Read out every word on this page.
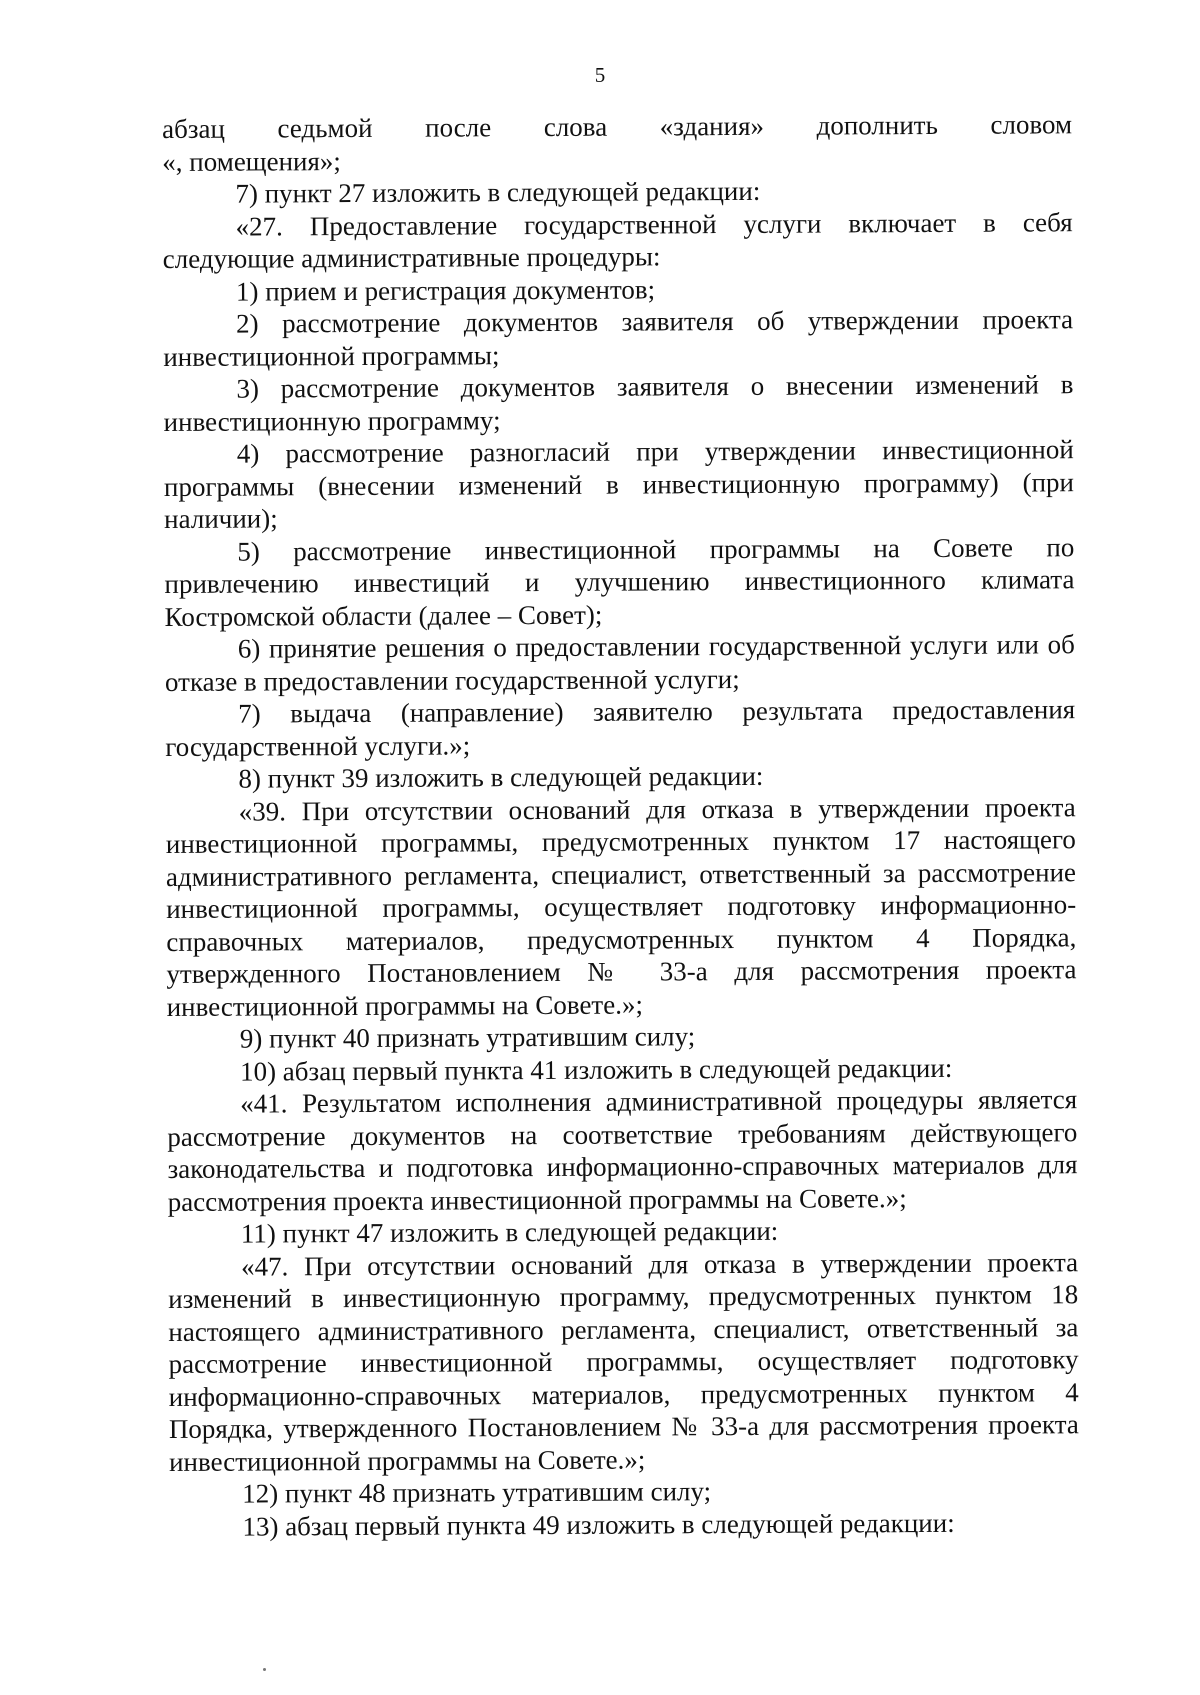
5

абзац седьмой после слова «здания» дополнить словом

«, помещения»;

7) пункт 27 изложить в следующей редакции:

«27. Предоставление государственной услуги включает в себя следующие административные процедуры:

1) прием и регистрация документов;

2) рассмотрение документов заявителя об утверждении проекта инвестиционной программы;

3) рассмотрение документов заявителя о внесении изменений в инвестиционную программу;

4) рассмотрение разногласий при утверждении инвестиционной программы (внесении изменений в инвестиционную программу) (при наличии);

5) рассмотрение инвестиционной программы на Совете по привлечению инвестиций и улучшению инвестиционного климата Костромской области (далее – Совет);

6) принятие решения о предоставлении государственной услуги или об отказе в предоставлении государственной услуги;

7) выдача (направление) заявителю результата предоставления государственной услуги.»;

8) пункт 39 изложить в следующей редакции:

«39. При отсутствии оснований для отказа в утверждении проекта инвестиционной программы, предусмотренных пунктом 17 настоящего административного регламента, специалист, ответственный за рассмотрение инвестиционной программы, осуществляет подготовку информационно-справочных материалов, предусмотренных пунктом 4 Порядка, утвержденного Постановлением № 33-а для рассмотрения проекта инвестиционной программы на Совете.»;

9) пункт 40 признать утратившим силу;

10) абзац первый пункта 41 изложить в следующей редакции:

«41. Результатом исполнения административной процедуры является рассмотрение документов на соответствие требованиям действующего законодательства и подготовка информационно-справочных материалов для рассмотрения проекта инвестиционной программы на Совете.»;

11) пункт 47 изложить в следующей редакции:

«47. При отсутствии оснований для отказа в утверждении проекта изменений в инвестиционную программу, предусмотренных пунктом 18 настоящего административного регламента, специалист, ответственный за рассмотрение инвестиционной программы, осуществляет подготовку информационно-справочных материалов, предусмотренных пунктом 4 Порядка, утвержденного Постановлением № 33-а для рассмотрения проекта инвестиционной программы на Совете.»;

12) пункт 48 признать утратившим силу;

13) абзац первый пункта 49 изложить в следующей редакции:
